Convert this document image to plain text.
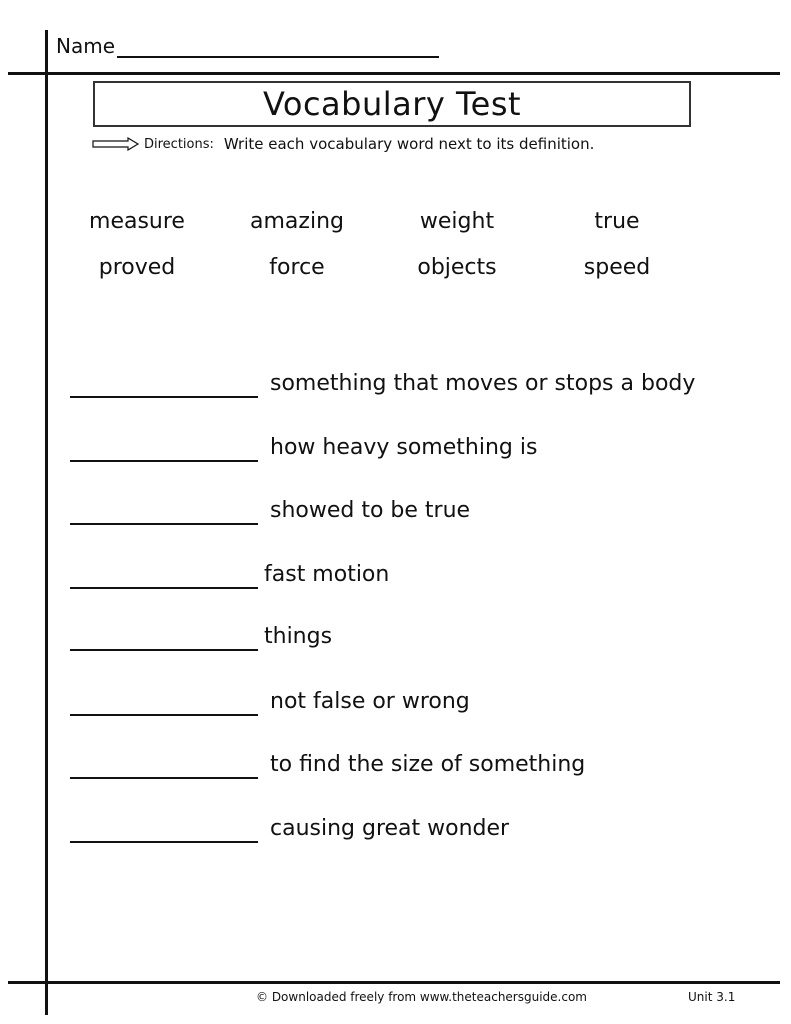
Name
Vocabulary Test
Directions: Write each vocabulary word next to its definition.
measure	amazing	weight	true
proved	force	objects	speed
something that moves or stops a body
how heavy something is
showed to be true
fast motion
things
not false or wrong
to find the size of something
causing great wonder
© Downloaded freely from www.theteachersguide.com	Unit 3.1
